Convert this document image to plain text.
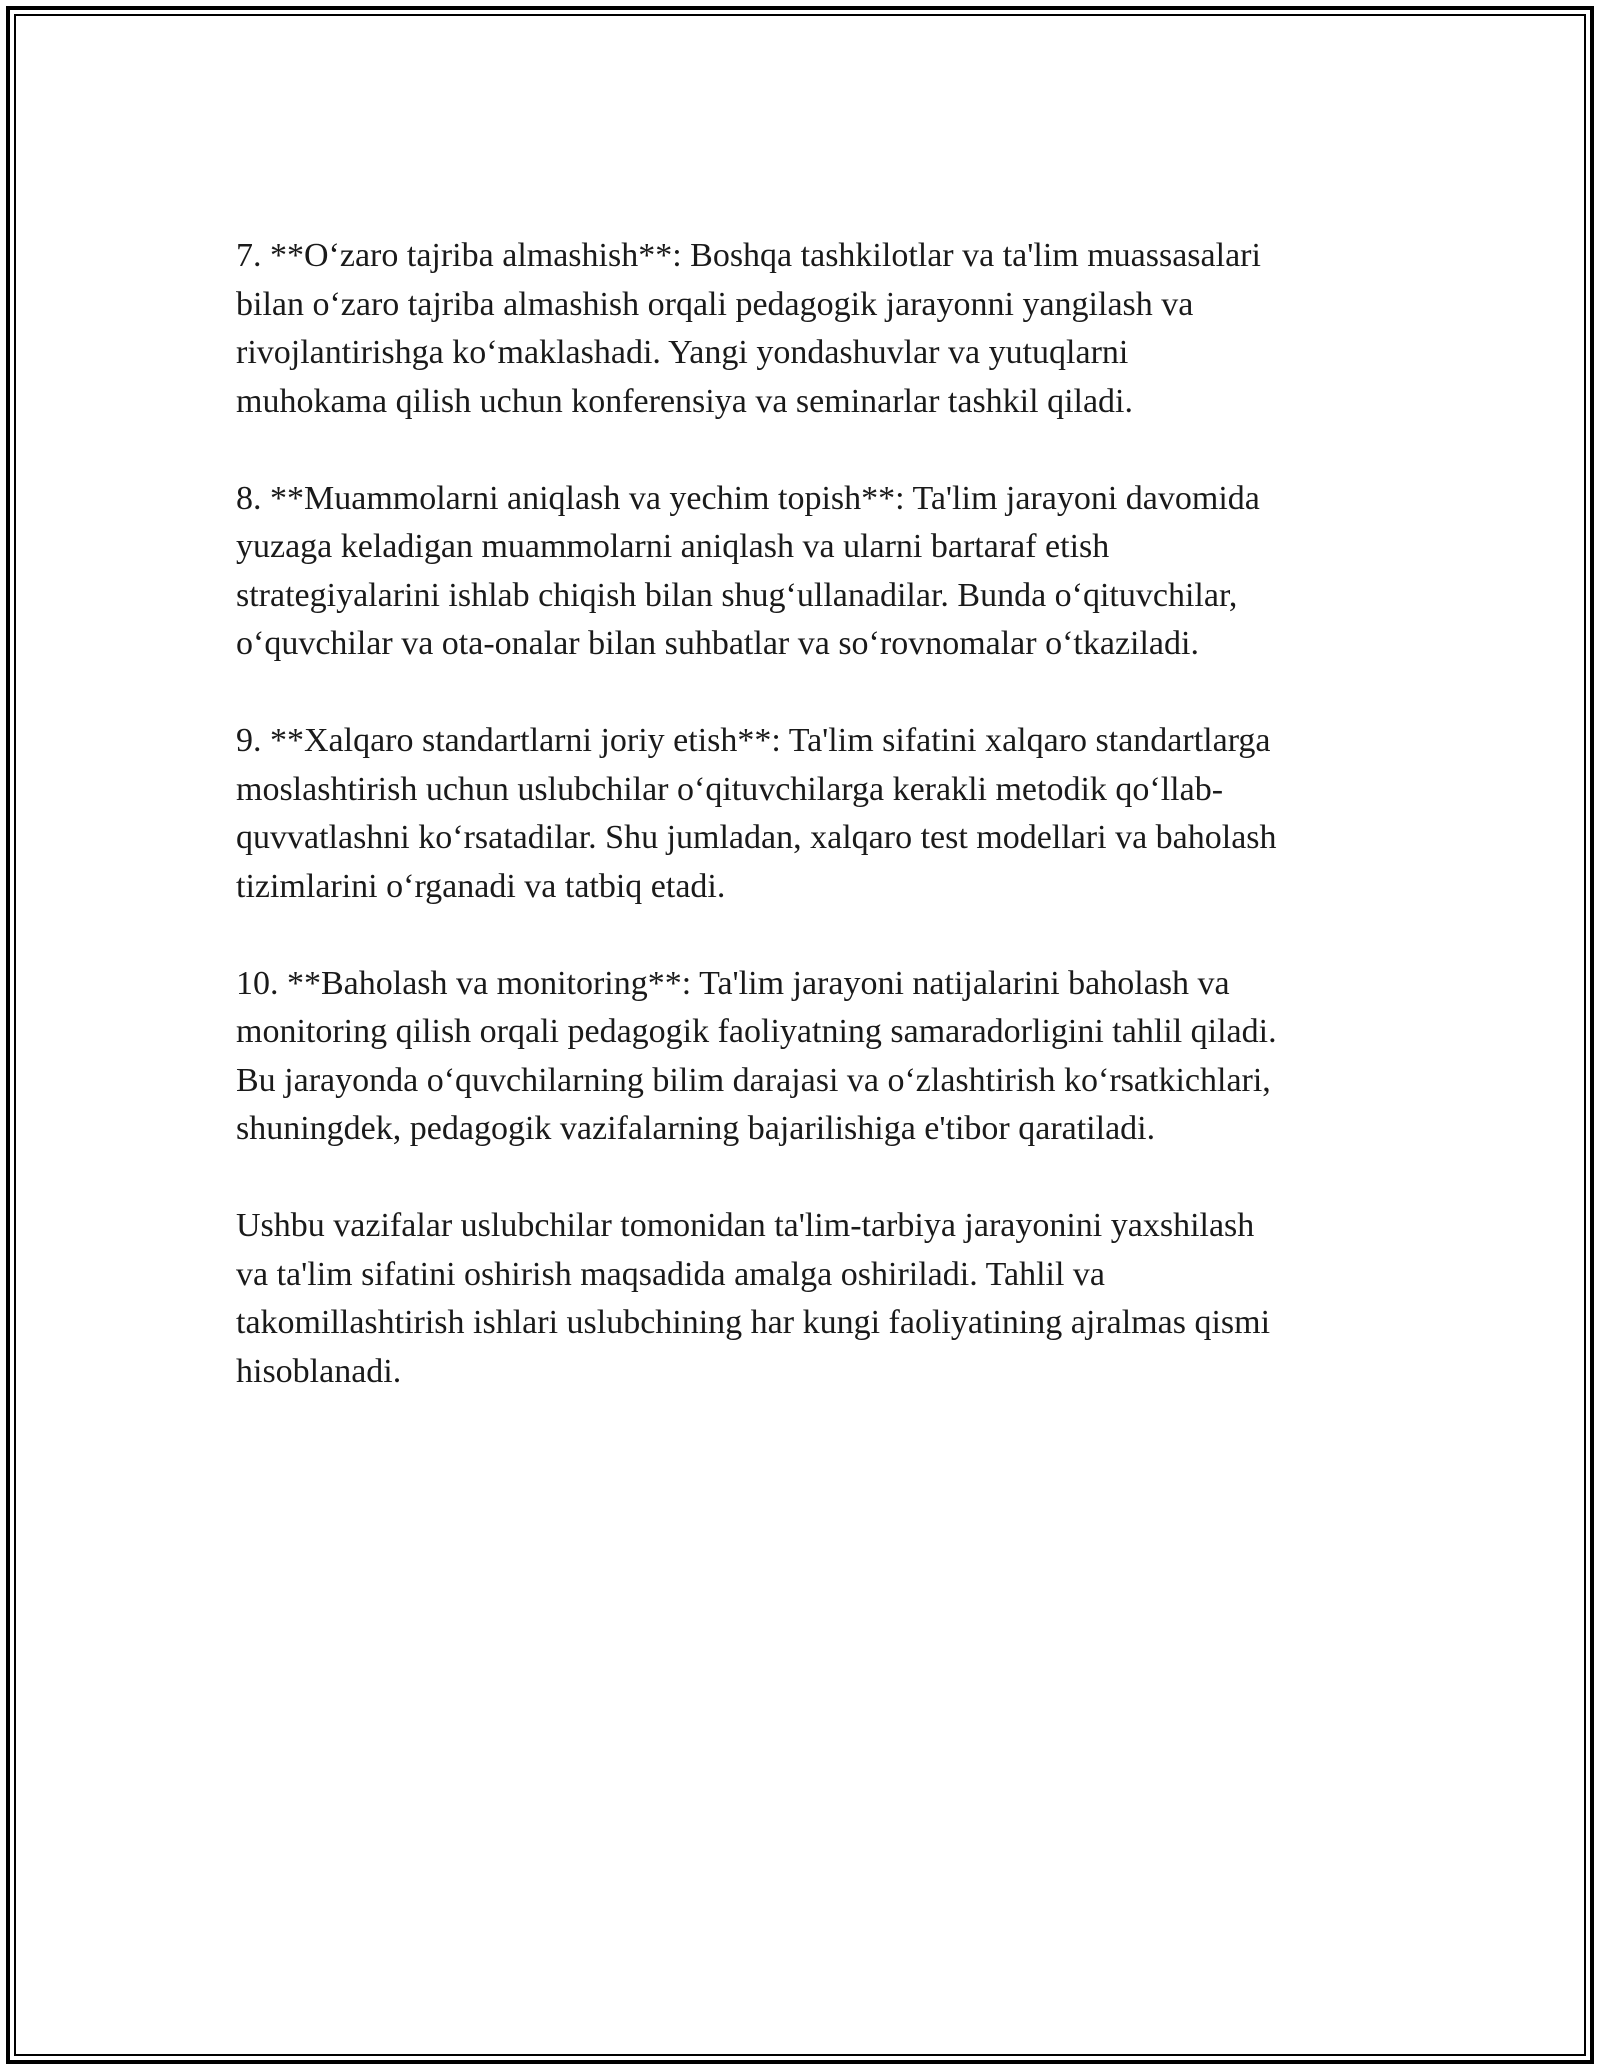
7. **O‘zaro tajriba almashish**: Boshqa tashkilotlar va ta'lim muassasalari
bilan o‘zaro tajriba almashish orqali pedagogik jarayonni yangilash va
rivojlantirishga ko‘maklashadi. Yangi yondashuvlar va yutuqlarni
muhokama qilish uchun konferensiya va seminarlar tashkil qiladi.

8. **Muammolarni aniqlash va yechim topish**: Ta'lim jarayoni davomida
yuzaga keladigan muammolarni aniqlash va ularni bartaraf etish
strategiyalarini ishlab chiqish bilan shug‘ullanadilar. Bunda o‘qituvchilar,
o‘quvchilar va ota-onalar bilan suhbatlar va so‘rovnomalar o‘tkaziladi.

9. **Xalqaro standartlarni joriy etish**: Ta'lim sifatini xalqaro standartlarga
moslashtirish uchun uslubchilar o‘qituvchilarga kerakli metodik qo‘llab-
quvvatlashni ko‘rsatadilar. Shu jumladan, xalqaro test modellari va baholash
tizimlarini o‘rganadi va tatbiq etadi.

10. **Baholash va monitoring**: Ta'lim jarayoni natijalarini baholash va
monitoring qilish orqali pedagogik faoliyatning samaradorligini tahlil qiladi.
Bu jarayonda o‘quvchilarning bilim darajasi va o‘zlashtirish ko‘rsatkichlari,
shuningdek, pedagogik vazifalarning bajarilishiga e'tibor qaratiladi.

Ushbu vazifalar uslubchilar tomonidan ta'lim-tarbiya jarayonini yaxshilash
va ta'lim sifatini oshirish maqsadida amalga oshiriladi. Tahlil va
takomillashtirish ishlari uslubchining har kungi faoliyatining ajralmas qismi
hisoblanadi.
